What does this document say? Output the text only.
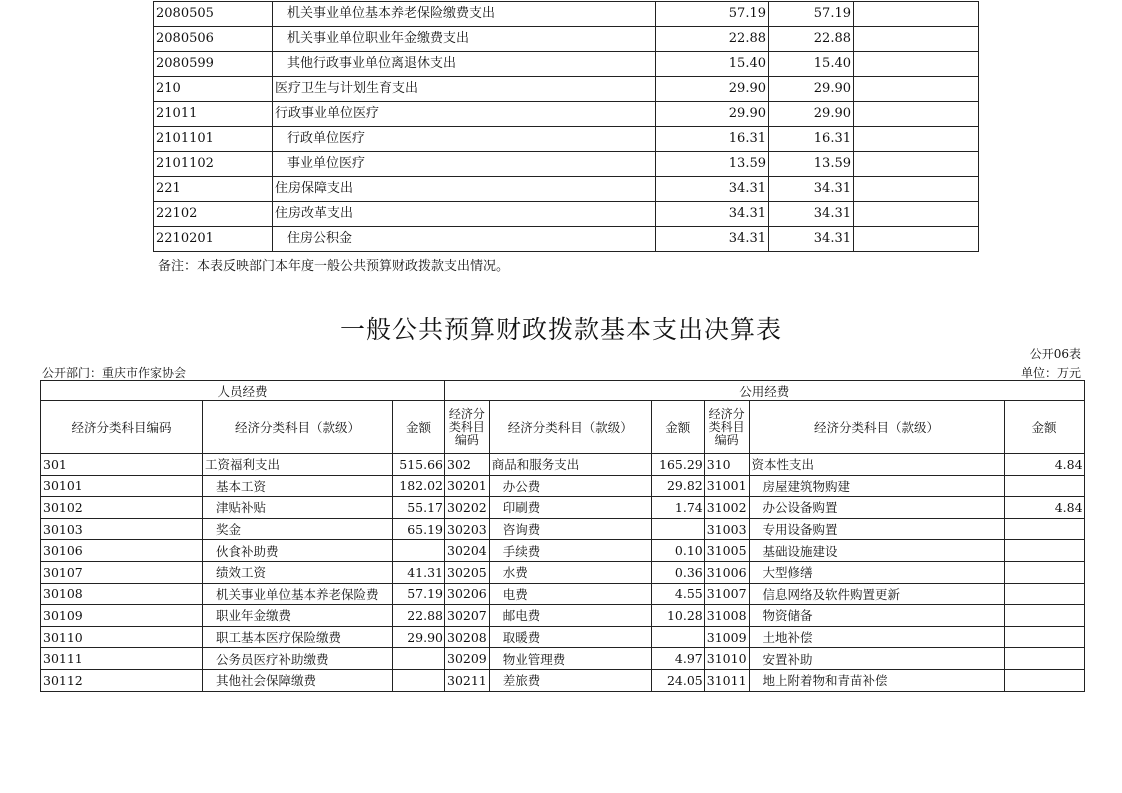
2080505	机关事业单位基本养老保险缴费支出	57.19	57.19	
2080506	机关事业单位职业年金缴费支出	22.88	22.88	
2080599	其他行政事业单位离退休支出	15.40	15.40	
210	医疗卫生与计划生育支出	29.90	29.90	
21011	行政事业单位医疗	29.90	29.90	
2101101	行政单位医疗	16.31	16.31	
2101102	事业单位医疗	13.59	13.59	
221	住房保障支出	34.31	34.31	
22102	住房改革支出	34.31	34.31	
2210201	住房公积金	34.31	34.31	
备注：本表反映部门本年度一般公共预算财政拨款支出情况。
一般公共预算财政拨款基本支出决算表
公开06表
公开部门：重庆市作家协会	单位：万元
人员经费			公用经费					
经济分类科目编码	经济分类科目（款级）	金额	经济分类科目编码	经济分类科目（款级）	金额	经济分类科目编码	经济分类科目（款级）	金额
301	工资福利支出	515.66	302	商品和服务支出	165.29	310	资本性支出	4.84
30101	基本工资	182.02	30201	办公费	29.82	31001	房屋建筑物购建	
30102	津贴补贴	55.17	30202	印刷费	1.74	31002	办公设备购置	4.84
30103	奖金	65.19	30203	咨询费		31003	专用设备购置	
30106	伙食补助费		30204	手续费	0.10	31005	基础设施建设	
30107	绩效工资	41.31	30205	水费	0.36	31006	大型修缮	
30108	机关事业单位基本养老保险费	57.19	30206	电费	4.55	31007	信息网络及软件购置更新	
30109	职业年金缴费	22.88	30207	邮电费	10.28	31008	物资储备	
30110	职工基本医疗保险缴费	29.90	30208	取暖费		31009	土地补偿	
30111	公务员医疗补助缴费		30209	物业管理费	4.97	31010	安置补助	
30112	其他社会保障缴费		30211	差旅费	24.05	31011	地上附着物和青苗补偿	
